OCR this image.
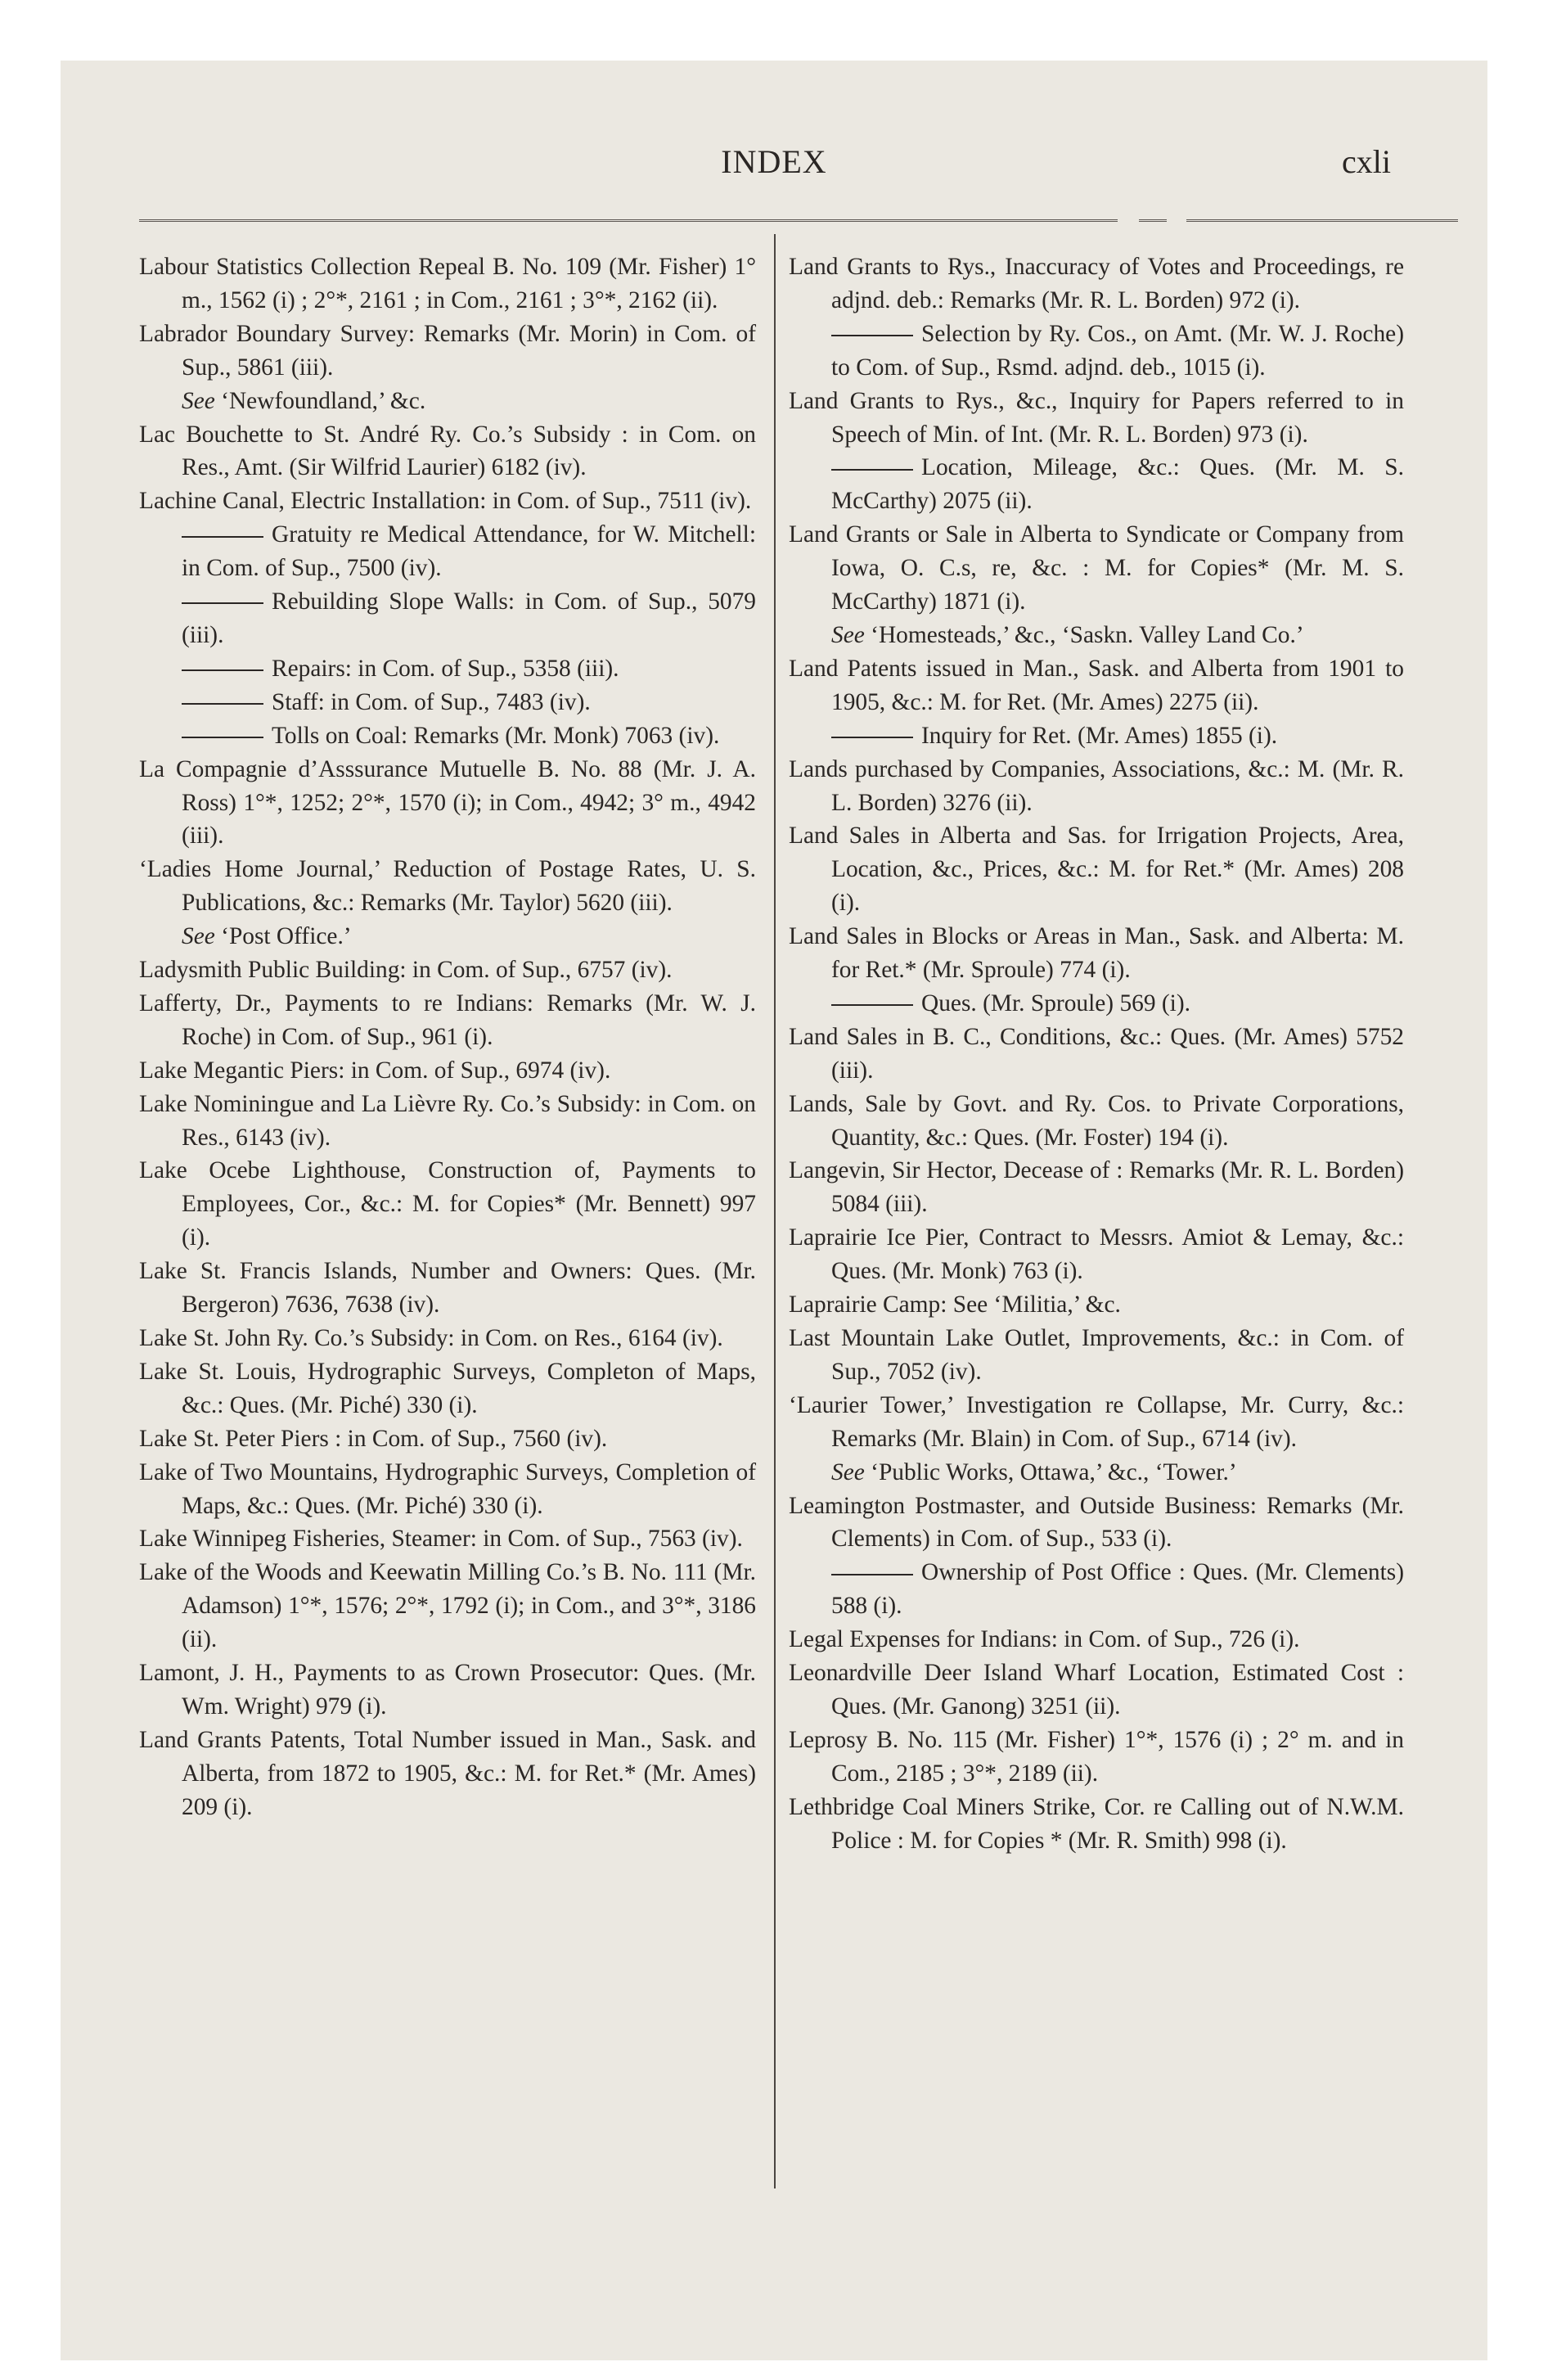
INDEX	cxli

Labour Statistics Collection Repeal B. No. 109 (Mr. Fisher) 1° m., 1562 (i) ; 2°*, 2161 ; in Com., 2161 ; 3°*, 2162 (ii).

Labrador Boundary Survey: Remarks (Mr. Morin) in Com. of Sup., 5861 (iii).

See ‘Newfoundland,’ &c.

Lac Bouchette to St. André Ry. Co.’s Subsidy : in Com. on Res., Amt. (Sir Wilfrid Laurier) 6182 (iv).

Lachine Canal, Electric Installation: in Com. of Sup., 7511 (iv).

Gratuity re Medical Attendance, for W. Mitchell: in Com. of Sup., 7500 (iv).

Rebuilding Slope Walls: in Com. of Sup., 5079 (iii).

Repairs: in Com. of Sup., 5358 (iii).

Staff: in Com. of Sup., 7483 (iv).

Tolls on Coal: Remarks (Mr. Monk) 7063 (iv).

La Compagnie d’Asssurance Mutuelle B. No. 88 (Mr. J. A. Ross) 1°*, 1252; 2°*, 1570 (i); in Com., 4942; 3° m., 4942 (iii).

‘Ladies Home Journal,’ Reduction of Postage Rates, U. S. Publications, &c.: Remarks (Mr. Taylor) 5620 (iii).

See ‘Post Office.’

Ladysmith Public Building: in Com. of Sup., 6757 (iv).

Lafferty, Dr., Payments to re Indians: Remarks (Mr. W. J. Roche) in Com. of Sup., 961 (i).

Lake Megantic Piers: in Com. of Sup., 6974 (iv).

Lake Nominingue and La Lièvre Ry. Co.’s Subsidy: in Com. on Res., 6143 (iv).

Lake Ocebe Lighthouse, Construction of, Payments to Employees, Cor., &c.: M. for Copies* (Mr. Bennett) 997 (i).

Lake St. Francis Islands, Number and Owners: Ques. (Mr. Bergeron) 7636, 7638 (iv).

Lake St. John Ry. Co.’s Subsidy: in Com. on Res., 6164 (iv).

Lake St. Louis, Hydrographic Surveys, Completon of Maps, &c.: Ques. (Mr. Piché) 330 (i).

Lake St. Peter Piers : in Com. of Sup., 7560 (iv).

Lake of Two Mountains, Hydrographic Surveys, Completion of Maps, &c.: Ques. (Mr. Piché) 330 (i).

Lake Winnipeg Fisheries, Steamer: in Com. of Sup., 7563 (iv).

Lake of the Woods and Keewatin Milling Co.’s B. No. 111 (Mr. Adamson) 1°*, 1576; 2°*, 1792 (i); in Com., and 3°*, 3186 (ii).

Lamont, J. H., Payments to as Crown Prosecutor: Ques. (Mr. Wm. Wright) 979 (i).

Land Grants Patents, Total Number issued in Man., Sask. and Alberta, from 1872 to 1905, &c.: M. for Ret.* (Mr. Ames) 209 (i).

Land Grants to Rys., Inaccuracy of Votes and Proceedings, re adjnd. deb.: Remarks (Mr. R. L. Borden) 972 (i).

Selection by Ry. Cos., on Amt. (Mr. W. J. Roche) to Com. of Sup., Rsmd. adjnd. deb., 1015 (i).

Land Grants to Rys., &c., Inquiry for Papers referred to in Speech of Min. of Int. (Mr. R. L. Borden) 973 (i).

Location, Mileage, &c.: Ques. (Mr. M. S. McCarthy) 2075 (ii).

Land Grants or Sale in Alberta to Syndicate or Company from Iowa, O. C.s, re, &c. : M. for Copies* (Mr. M. S. McCarthy) 1871 (i).

See ‘Homesteads,’ &c., ‘Saskn. Valley Land Co.’

Land Patents issued in Man., Sask. and Alberta from 1901 to 1905, &c.: M. for Ret. (Mr. Ames) 2275 (ii).

Inquiry for Ret. (Mr. Ames) 1855 (i).

Lands purchased by Companies, Associations, &c.: M. (Mr. R. L. Borden) 3276 (ii).

Land Sales in Alberta and Sas. for Irrigation Projects, Area, Location, &c., Prices, &c.: M. for Ret.* (Mr. Ames) 208 (i).

Land Sales in Blocks or Areas in Man., Sask. and Alberta: M. for Ret.* (Mr. Sproule) 774 (i).

Ques. (Mr. Sproule) 569 (i).

Land Sales in B. C., Conditions, &c.: Ques. (Mr. Ames) 5752 (iii).

Lands, Sale by Govt. and Ry. Cos. to Private Corporations, Quantity, &c.: Ques. (Mr. Foster) 194 (i).

Langevin, Sir Hector, Decease of : Remarks (Mr. R. L. Borden) 5084 (iii).

Laprairie Ice Pier, Contract to Messrs. Amiot & Lemay, &c.: Ques. (Mr. Monk) 763 (i).

Laprairie Camp: See ‘Militia,’ &c.

Last Mountain Lake Outlet, Improvements, &c.: in Com. of Sup., 7052 (iv).

‘Laurier Tower,’ Investigation re Collapse, Mr. Curry, &c.: Remarks (Mr. Blain) in Com. of Sup., 6714 (iv).

See ‘Public Works, Ottawa,’ &c., ‘Tower.’

Leamington Postmaster, and Outside Business: Remarks (Mr. Clements) in Com. of Sup., 533 (i).

Ownership of Post Office : Ques. (Mr. Clements) 588 (i).

Legal Expenses for Indians: in Com. of Sup., 726 (i).

Leonardville Deer Island Wharf Location, Estimated Cost : Ques. (Mr. Ganong) 3251 (ii).

Leprosy B. No. 115 (Mr. Fisher) 1°*, 1576 (i) ; 2° m. and in Com., 2185 ; 3°*, 2189 (ii).

Lethbridge Coal Miners Strike, Cor. re Calling out of N.W.M. Police : M. for Copies * (Mr. R. Smith) 998 (i).
